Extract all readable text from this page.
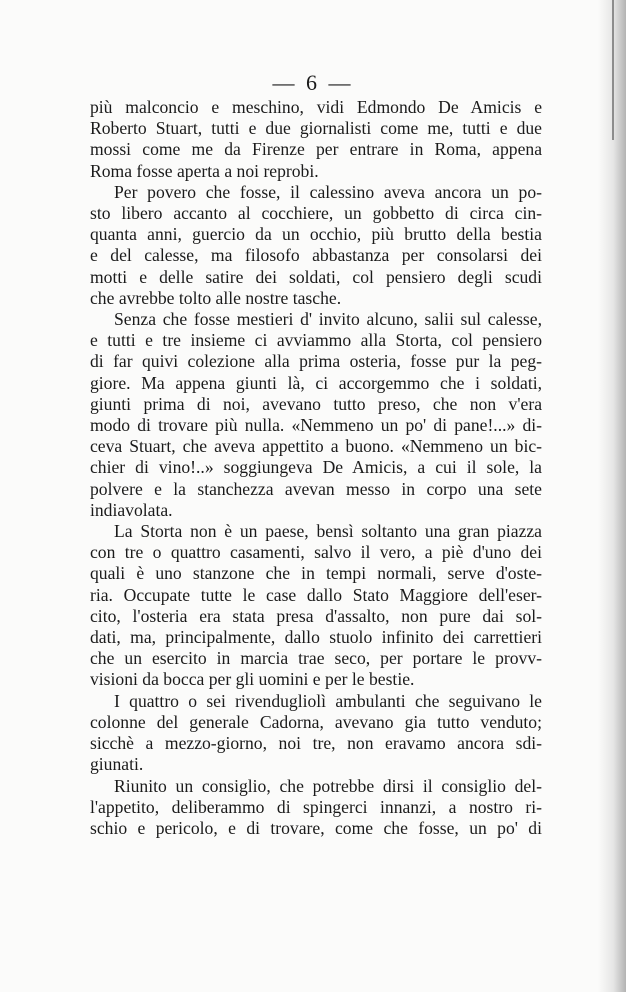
— 6 —
più malconcio e meschino, vidi Edmondo De Amicis e
Roberto Stuart, tutti e due giornalisti come me, tutti e due
mossi come me da Firenze per entrare in Roma, appena
Roma fosse aperta a noi reprobi.
Per povero che fosse, il calessino aveva ancora un po-
sto libero accanto al cocchiere, un gobbetto di circa cin-
quanta anni, guercio da un occhio, più brutto della bestia
e del calesse, ma filosofo abbastanza per consolarsi dei
motti e delle satire dei soldati, col pensiero degli scudi
che avrebbe tolto alle nostre tasche.
Senza che fosse mestieri d' invito alcuno, salii sul calesse,
e tutti e tre insieme ci avviammo alla Storta, col pensiero
di far quivi colezione alla prima osteria, fosse pur la peg-
giore. Ma appena giunti là, ci accorgemmo che i soldati,
giunti prima di noi, avevano tutto preso, che non v'era
modo di trovare più nulla. «Nemmeno un po' di pane!...» di-
ceva Stuart, che aveva appettito a buono. «Nemmeno un bic-
chier di vino!..» soggiungeva De Amicis, a cui il sole, la
polvere e la stanchezza avevan messo in corpo una sete
indiavolata.
La Storta non è un paese, bensì soltanto una gran piazza
con tre o quattro casamenti, salvo il vero, a piè d'uno dei
quali è uno stanzone che in tempi normali, serve d'oste-
ria. Occupate tutte le case dallo Stato Maggiore dell'eser-
cito, l'osteria era stata presa d'assalto, non pure dai sol-
dati, ma, principalmente, dallo stuolo infinito dei carrettieri
che un esercito in marcia trae seco, per portare le provv-
visioni da bocca per gli uomini e per le bestie.
I quattro o sei rivendugliolì ambulanti che seguivano le
colonne del generale Cadorna, avevano gia tutto venduto;
sicchè a mezzo-giorno, noi tre, non eravamo ancora sdi-
giunati.
Riunito un consiglio, che potrebbe dirsi il consiglio del-
l'appetito, deliberammo di spingerci innanzi, a nostro ri-
schio e pericolo, e di trovare, come che fosse, un po' di
